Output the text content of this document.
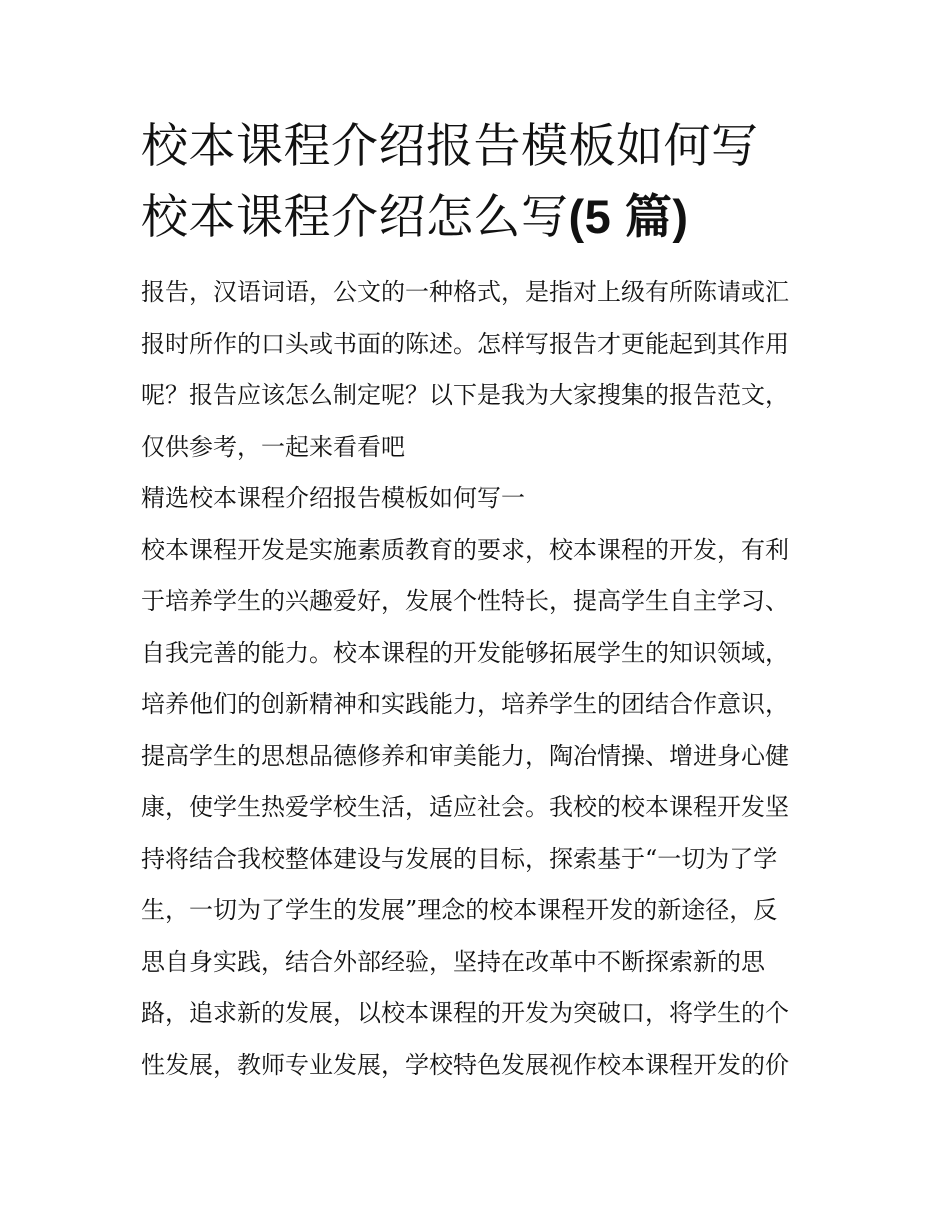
校本课程介绍报告模板如何写
校本课程介绍怎么写(5 篇)

报告，汉语词语，公文的一种格式，是指对上级有所陈请或汇
报时所作的口头或书面的陈述。怎样写报告才更能起到其作用
呢？报告应该怎么制定呢？以下是我为大家搜集的报告范文，
仅供参考，一起来看看吧

精选校本课程介绍报告模板如何写一

校本课程开发是实施素质教育的要求，校本课程的开发，有利
于培养学生的兴趣爱好，发展个性特长，提高学生自主学习、
自我完善的能力。校本课程的开发能够拓展学生的知识领域，
培养他们的创新精神和实践能力，培养学生的团结合作意识，
提高学生的思想品德修养和审美能力，陶冶情操、增进身心健
康，使学生热爱学校生活，适应社会。我校的校本课程开发坚
持将结合我校整体建设与发展的目标，探索基于“一切为了学
生，一切为了学生的发展”理念的校本课程开发的新途径，反
思自身实践，结合外部经验，坚持在改革中不断探索新的思
路，追求新的发展，以校本课程的开发为突破口，将学生的个
性发展，教师专业发展，学校特色发展视作校本课程开发的价
